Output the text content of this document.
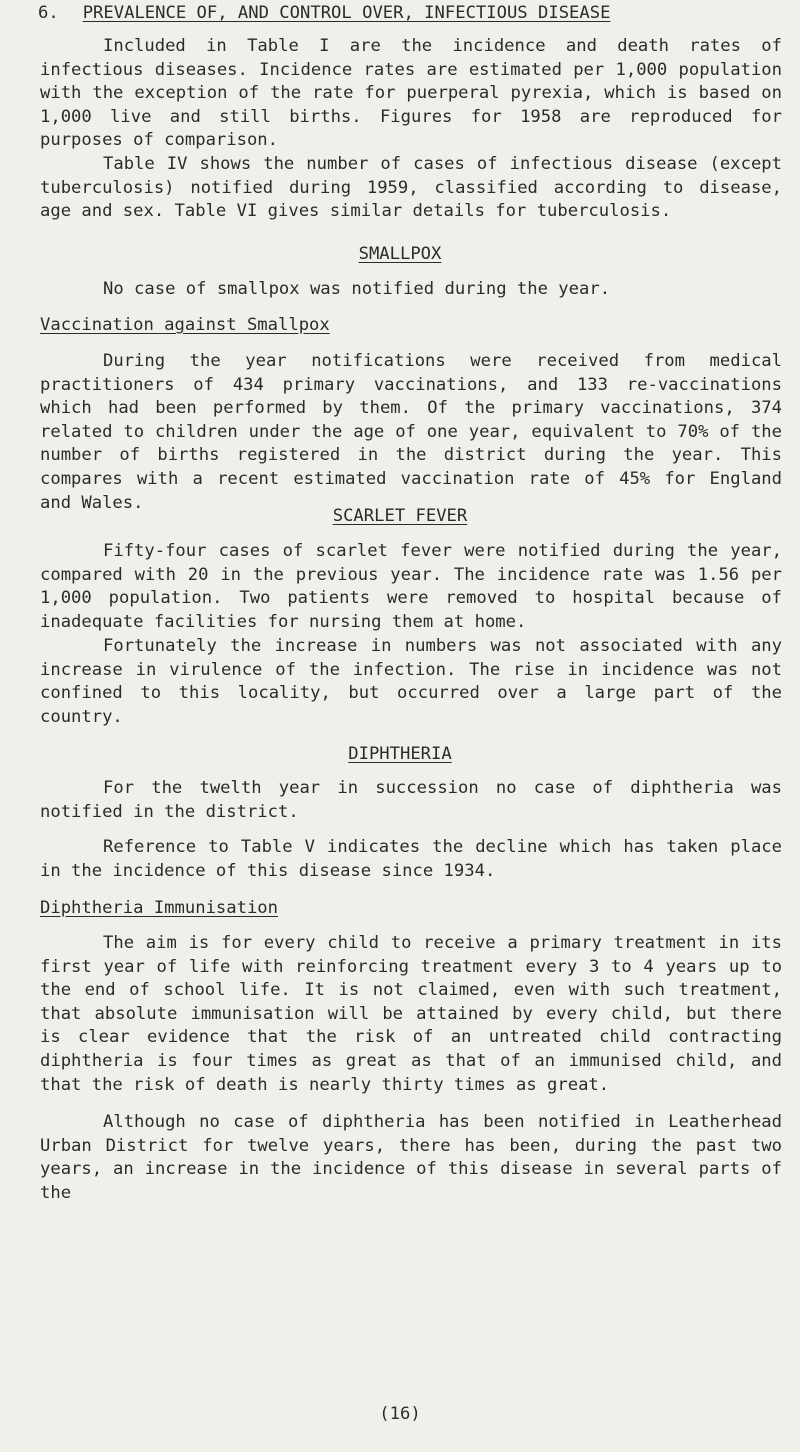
6. PREVALENCE OF, AND CONTROL OVER, INFECTIOUS DISEASE

Included in Table I are the incidence and death rates of infectious diseases. Incidence rates are estimated per 1,000 population with the exception of the rate for puerperal pyrexia, which is based on 1,000 live and still births. Figures for 1958 are reproduced for purposes of comparison.

Table IV shows the number of cases of infectious disease (except tuberculosis) notified during 1959, classified according to disease, age and sex. Table VI gives similar details for tuberculosis.

SMALLPOX

No case of smallpox was notified during the year.

Vaccination against Smallpox

During the year notifications were received from medical practitioners of 434 primary vaccinations, and 133 re-vaccinations which had been performed by them. Of the primary vaccinations, 374 related to children under the age of one year, equivalent to 70% of the number of births registered in the district during the year. This compares with a recent estimated vaccination rate of 45% for England and Wales.

SCARLET FEVER

Fifty-four cases of scarlet fever were notified during the year, compared with 20 in the previous year. The incidence rate was 1.56 per 1,000 population. Two patients were removed to hospital because of inadequate facilities for nursing them at home.

Fortunately the increase in numbers was not associated with any increase in virulence of the infection. The rise in incidence was not confined to this locality, but occurred over a large part of the country.

DIPHTHERIA

For the twelth year in succession no case of diphtheria was notified in the district.

Reference to Table V indicates the decline which has taken place in the incidence of this disease since 1934.

Diphtheria Immunisation

The aim is for every child to receive a primary treatment in its first year of life with reinforcing treatment every 3 to 4 years up to the end of school life. It is not claimed, even with such treatment, that absolute immunisation will be attained by every child, but there is clear evidence that the risk of an untreated child contracting diphtheria is four times as great as that of an immunised child, and that the risk of death is nearly thirty times as great.

Although no case of diphtheria has been notified in Leatherhead Urban District for twelve years, there has been, during the past two years, an increase in the incidence of this disease in several parts of the

(16)
